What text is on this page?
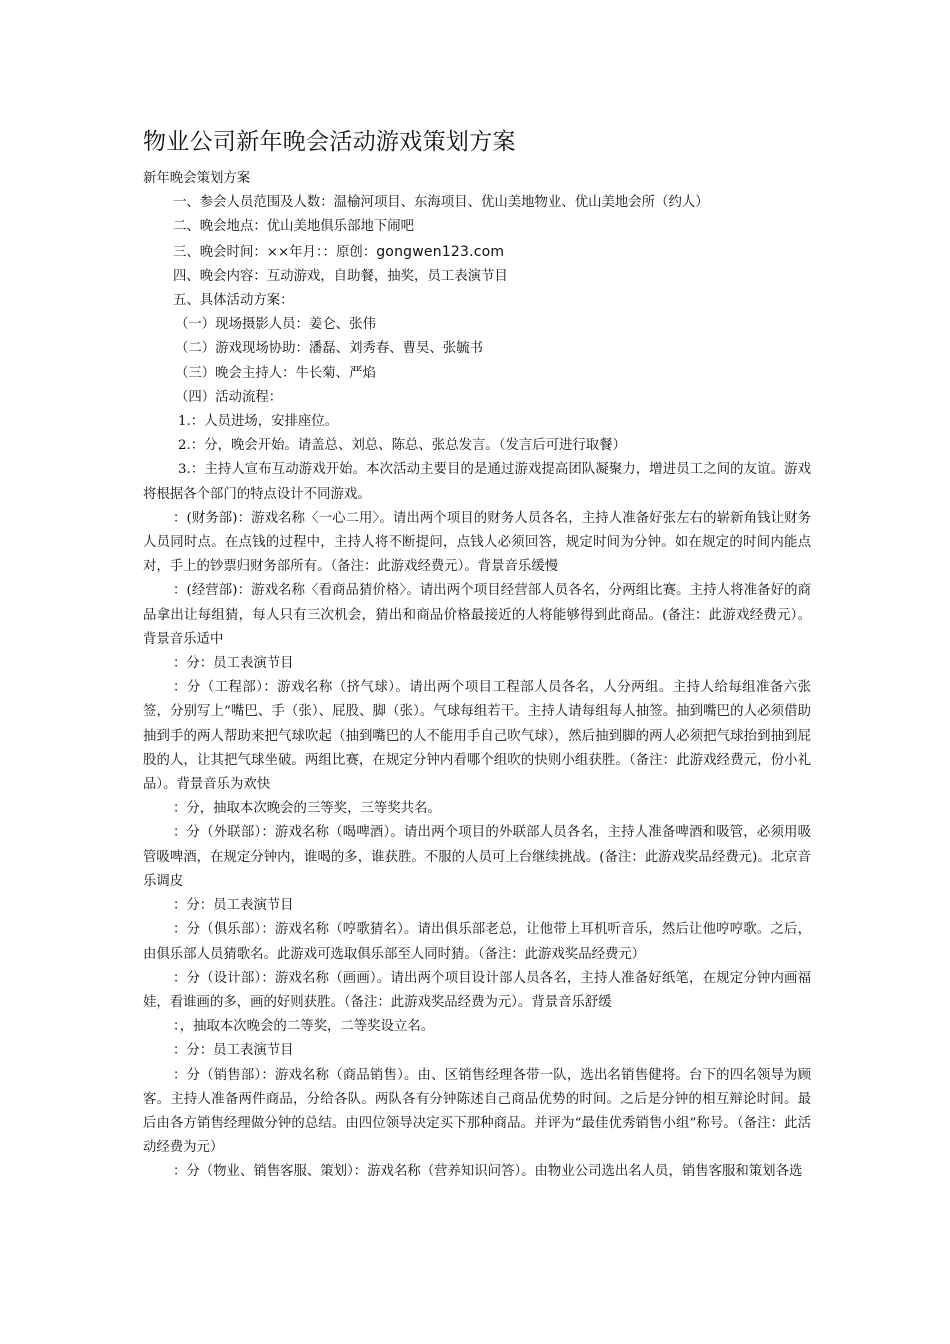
物业公司新年晚会活动游戏策划方案
新年晚会策划方案
一、参会人员范围及人数：温榆河项目、东海项目、优山美地物业、优山美地会所（约人）
二、晚会地点：优山美地俱乐部地下闹吧
三、晚会时间：××年月：：原创：gongwen123.com
四、晚会内容：互动游戏，自助餐，抽奖，员工表演节目
五、具体活动方案：
（一）现场摄影人员：姜仑、张伟
（二）游戏现场协助：潘磊、刘秀春、曹昊、张毓书
（三）晚会主持人：牛长菊、严焰
（四）活动流程：
1.：人员进场，安排座位。
2.：分，晚会开始。请盖总、刘总、陈总、张总发言。（发言后可进行取餐）
3.：主持人宣布互动游戏开始。本次活动主要目的是通过游戏提高团队凝聚力，增进员工之间的友谊。游戏将根据各个部门的特点设计不同游戏。
：(财务部)：游戏名称〈一心二用〉。请出两个项目的财务人员各名，主持人准备好张左右的崭新角钱让财务人员同时点。在点钱的过程中，主持人将不断提问，点钱人必须回答，规定时间为分钟。如在规定的时间内能点对，手上的钞票归财务部所有。（备注：此游戏经费元）。背景音乐缓慢
：(经营部)：游戏名称〈看商品猜价格〉。请出两个项目经营部人员各名，分两组比赛。主持人将准备好的商品拿出让每组猜，每人只有三次机会，猜出和商品价格最接近的人将能够得到此商品。(备注：此游戏经费元）。背景音乐适中
：分：员工表演节目
：分（工程部）：游戏名称（挤气球）。请出两个项目工程部人员各名，人分两组。主持人给每组准备六张签，分别写上“嘴巴、手（张）、屁股、脚（张）。气球每组若干。主持人请每组每人抽签。抽到嘴巴的人必须借助抽到手的两人帮助来把气球吹起（抽到嘴巴的人不能用手自己吹气球），然后抽到脚的两人必须把气球抬到抽到屁股的人，让其把气球坐破。两组比赛，在规定分钟内看哪个组吹的快则小组获胜。（备注：此游戏经费元，份小礼品）。背景音乐为欢快
：分，抽取本次晚会的三等奖，三等奖共名。
：分（外联部）：游戏名称（喝啤酒）。请出两个项目的外联部人员各名，主持人准备啤酒和吸管，必须用吸管吸啤酒，在规定分钟内，谁喝的多，谁获胜。不服的人员可上台继续挑战。(备注：此游戏奖品经费元)。北京音乐调皮
：分：员工表演节目
：分（俱乐部）：游戏名称（哼歌猜名）。请出俱乐部老总，让他带上耳机听音乐，然后让他哼哼歌。之后，由俱乐部人员猜歌名。此游戏可选取俱乐部至人同时猜。（备注：此游戏奖品经费元）
：分（设计部）：游戏名称（画画）。请出两个项目设计部人员各名，主持人准备好纸笔，在规定分钟内画福娃，看谁画的多，画的好则获胜。（备注：此游戏奖品经费为元）。背景音乐舒缓
：，抽取本次晚会的二等奖，二等奖设立名。
：分：员工表演节目
：分（销售部）：游戏名称（商品销售）。由、区销售经理各带一队，选出名销售健将。台下的四名领导为顾客。主持人准备两件商品，分给各队。两队各有分钟陈述自己商品优势的时间。之后是分钟的相互辩论时间。最后由各方销售经理做分钟的总结。由四位领导决定买下那种商品。并评为“最佳优秀销售小组”称号。（备注：此活动经费为元）
：分（物业、销售客服、策划）：游戏名称（营养知识问答）。由物业公司选出名人员，销售客服和策划各选
